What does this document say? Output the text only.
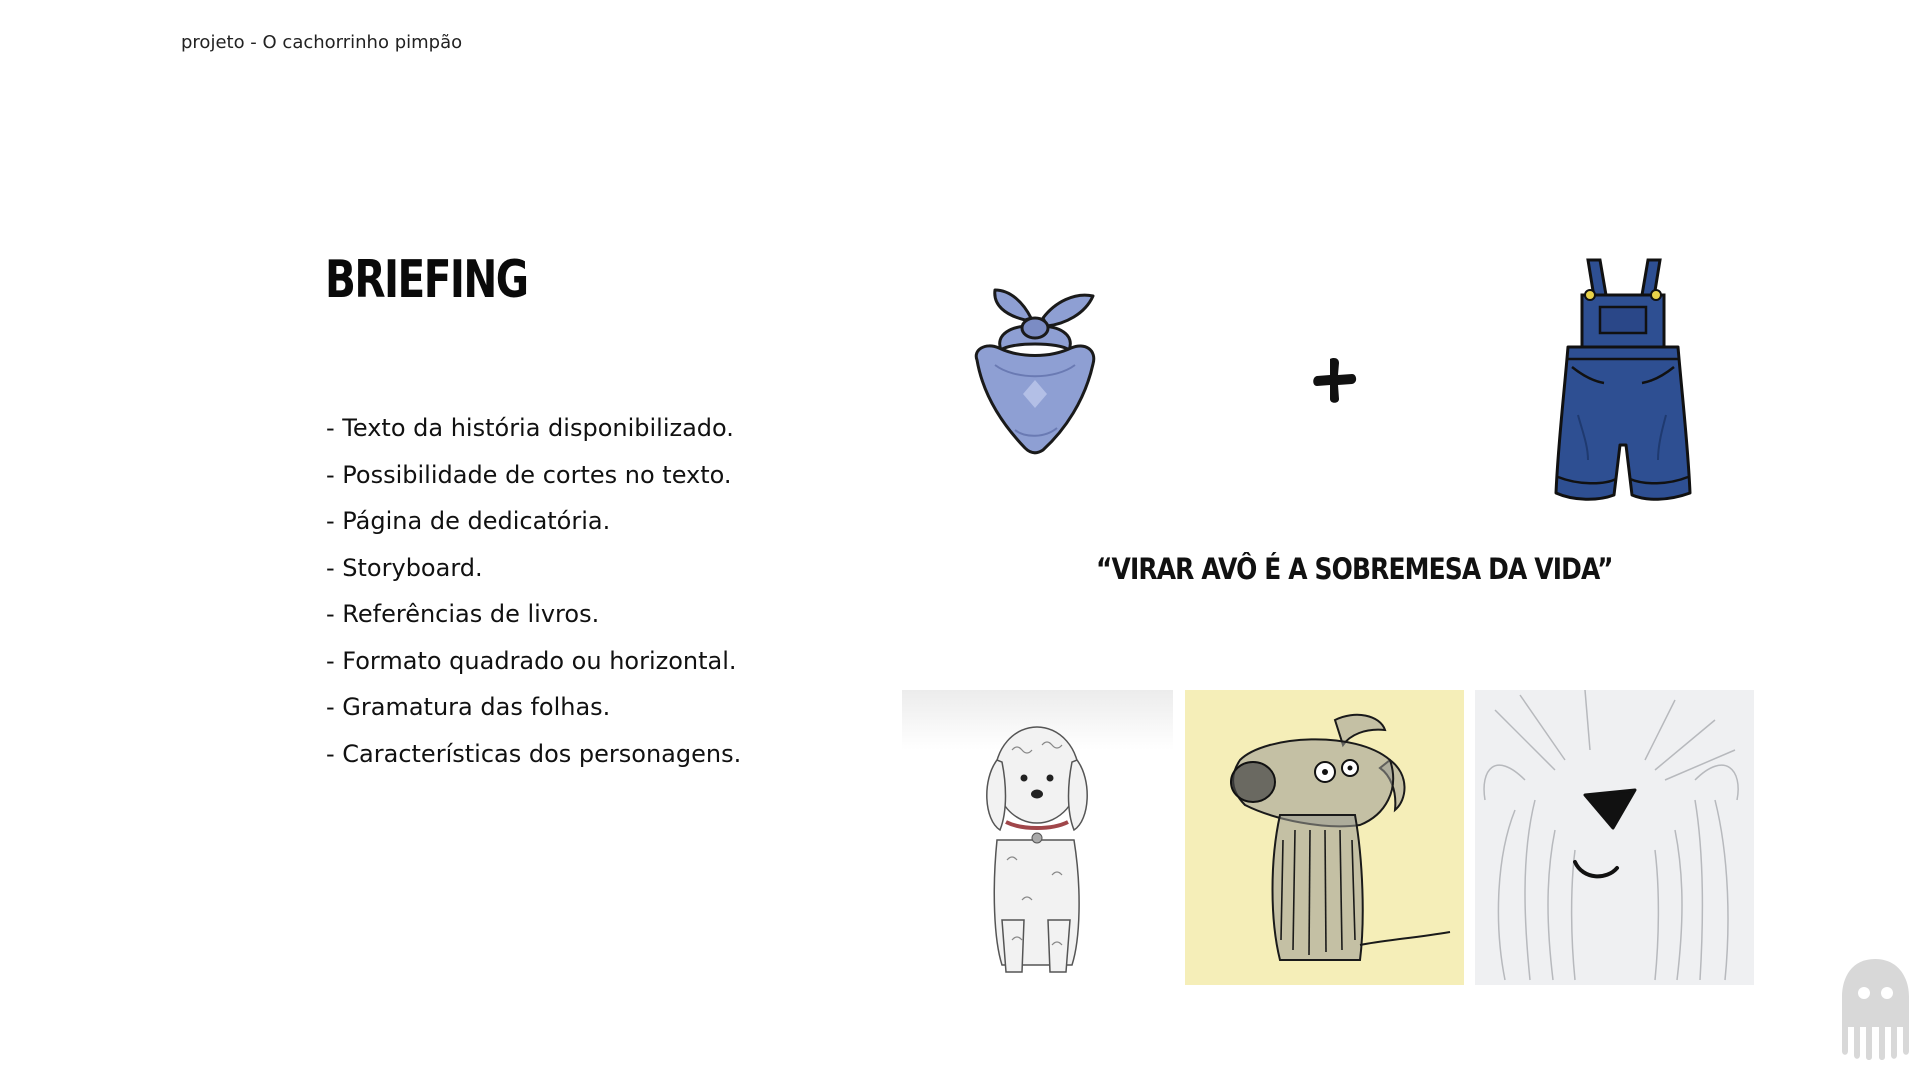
projeto - O cachorrinho pimpão
BRIEFING
- Texto da história disponibilizado.
- Possibilidade de cortes no texto.
- Página de dedicatória.
- Storyboard.
- Referências de livros.
- Formato quadrado ou horizontal.
- Gramatura das folhas.
- Características dos personagens.
“VIRAR AVÔ É A SOBREMESA DA VIDA”
